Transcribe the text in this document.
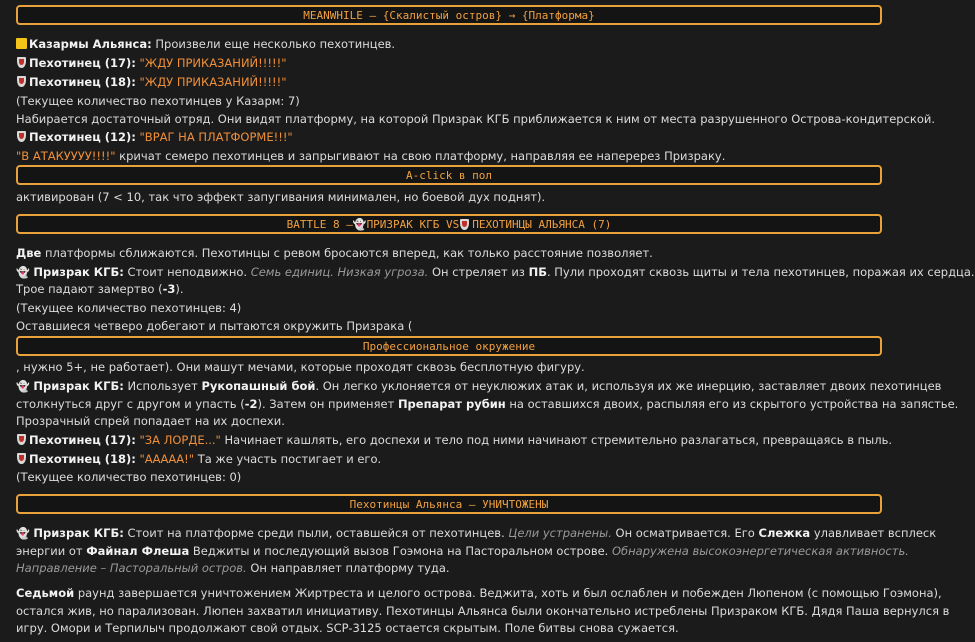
MEANWHILE – {Скалистый остров} → {Платформа}
Казармы Альянса: Произвели еще несколько пехотинцев.
Пехотинец (17): "ЖДУ ПРИКАЗАНИЙ!!!!!"
Пехотинец (18): "ЖДУ ПРИКАЗАНИЙ!!!!!"
(Текущее количество пехотинцев у Казарм: 7)
Набирается достаточный отряд. Они видят платформу, на которой Призрак КГБ приближается к ним от места разрушенного Острова-кондитерской.
Пехотинец (12): "ВРАГ НА ПЛАТФОРМЕ!!!"
"В АТАКУУУУ!!!!" кричат семеро пехотинцев и запрыгивают на свою платформу, направляя ее наперерез Призраку.
A-click в пол
активирован (7 < 10, так что эффект запугивания минимален, но боевой дух поднят).
BATTLE 8 – 👻 ПРИЗРАК КГБ VS ПЕХОТИНЦЫ АЛЬЯНСА (7)
Две платформы сближаются. Пехотинцы с ревом бросаются вперед, как только расстояние позволяет.
👻 Призрак КГБ: Стоит неподвижно. Семь единиц. Низкая угроза. Он стреляет из ПБ. Пули проходят сквозь щиты и тела пехотинцев, поражая их сердца.
Трое падают замертво (-3).
(Текущее количество пехотинцев: 4)
Оставшиеся четверо добегают и пытаются окружить Призрака (
Профессиональное окружение
, нужно 5+, не работает). Они машут мечами, которые проходят сквозь бесплотную фигуру.
👻 Призрак КГБ: Использует Рукопашный бой. Он легко уклоняется от неуклюжих атак и, используя их же инерцию, заставляет двоих пехотинцев
столкнуться друг с другом и упасть (-2). Затем он применяет Препарат рубин на оставшихся двоих, распыляя его из скрытого устройства на запястье.
Прозрачный спрей попадает на их доспехи.
Пехотинец (17): "ЗА ЛОРДЕ..." Начинает кашлять, его доспехи и тело под ними начинают стремительно разлагаться, превращаясь в пыль.
Пехотинец (18): "ААААА!" Та же участь постигает и его.
(Текущее количество пехотинцев: 0)
Пехотинцы Альянса – УНИЧТОЖЕНЫ
👻 Призрак КГБ: Стоит на платформе среди пыли, оставшейся от пехотинцев. Цели устранены. Он осматривается. Его Слежка улавливает всплеск
энергии от Файнал Флеша Веджиты и последующий вызов Гоэмона на Пасторальном острове. Обнаружена высокоэнергетическая активность.
Направление – Пасторальный остров. Он направляет платформу туда.
Седьмой раунд завершается уничтожением Жиртреста и целого острова. Веджита, хоть и был ослаблен и побежден Люпеном (с помощью Гоэмона),
остался жив, но парализован. Люпен захватил инициативу. Пехотинцы Альянса были окончательно истреблены Призраком КГБ. Дядя Паша вернулся в
игру. Омори и Терпилыч продолжают свой отдых. SCP-3125 остается скрытым. Поле битвы снова сужается.
